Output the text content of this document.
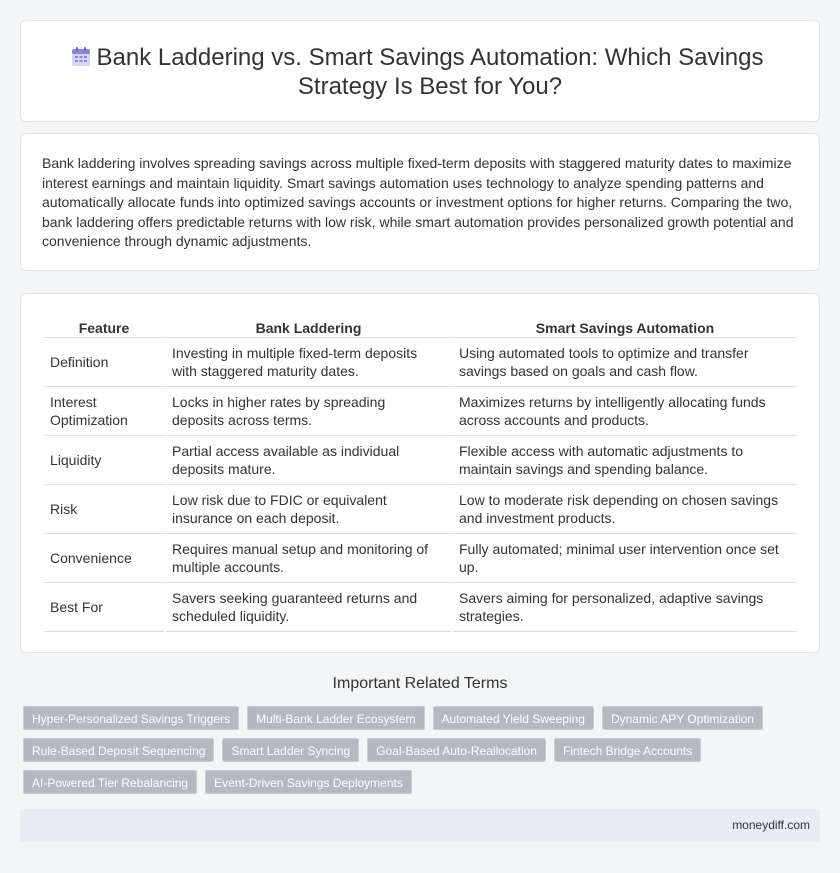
Bank Laddering vs. Smart Savings Automation: Which Savings
Strategy Is Best for You?

Bank laddering involves spreading savings across multiple fixed-term deposits with staggered maturity dates to maximize interest earnings and maintain liquidity. Smart savings automation uses technology to analyze spending patterns and automatically allocate funds into optimized savings accounts or investment options for higher returns. Comparing the two, bank laddering offers predictable returns with low risk, while smart automation provides personalized growth potential and convenience through dynamic adjustments.

Feature	Bank Laddering	Smart Savings Automation
Definition	Investing in multiple fixed-term deposits with staggered maturity dates.	Using automated tools to optimize and transfer savings based on goals and cash flow.
Interest Optimization	Locks in higher rates by spreading deposits across terms.	Maximizes returns by intelligently allocating funds across accounts and products.
Liquidity	Partial access available as individual deposits mature.	Flexible access with automatic adjustments to maintain savings and spending balance.
Risk	Low risk due to FDIC or equivalent insurance on each deposit.	Low to moderate risk depending on chosen savings and investment products.
Convenience	Requires manual setup and monitoring of multiple accounts.	Fully automated; minimal user intervention once set up.
Best For	Savers seeking guaranteed returns and scheduled liquidity.	Savers aiming for personalized, adaptive savings strategies.
Important Related Terms
Hyper-Personalized Savings Triggers Multi-Bank Ladder Ecosystem Automated Yield Sweeping Dynamic APY Optimization
Rule-Based Deposit Sequencing Smart Ladder Syncing Goal-Based Auto-Reallocation Fintech Bridge Accounts
AI-Powered Tier Rebalancing Event-Driven Savings Deployments
moneydiff.com
